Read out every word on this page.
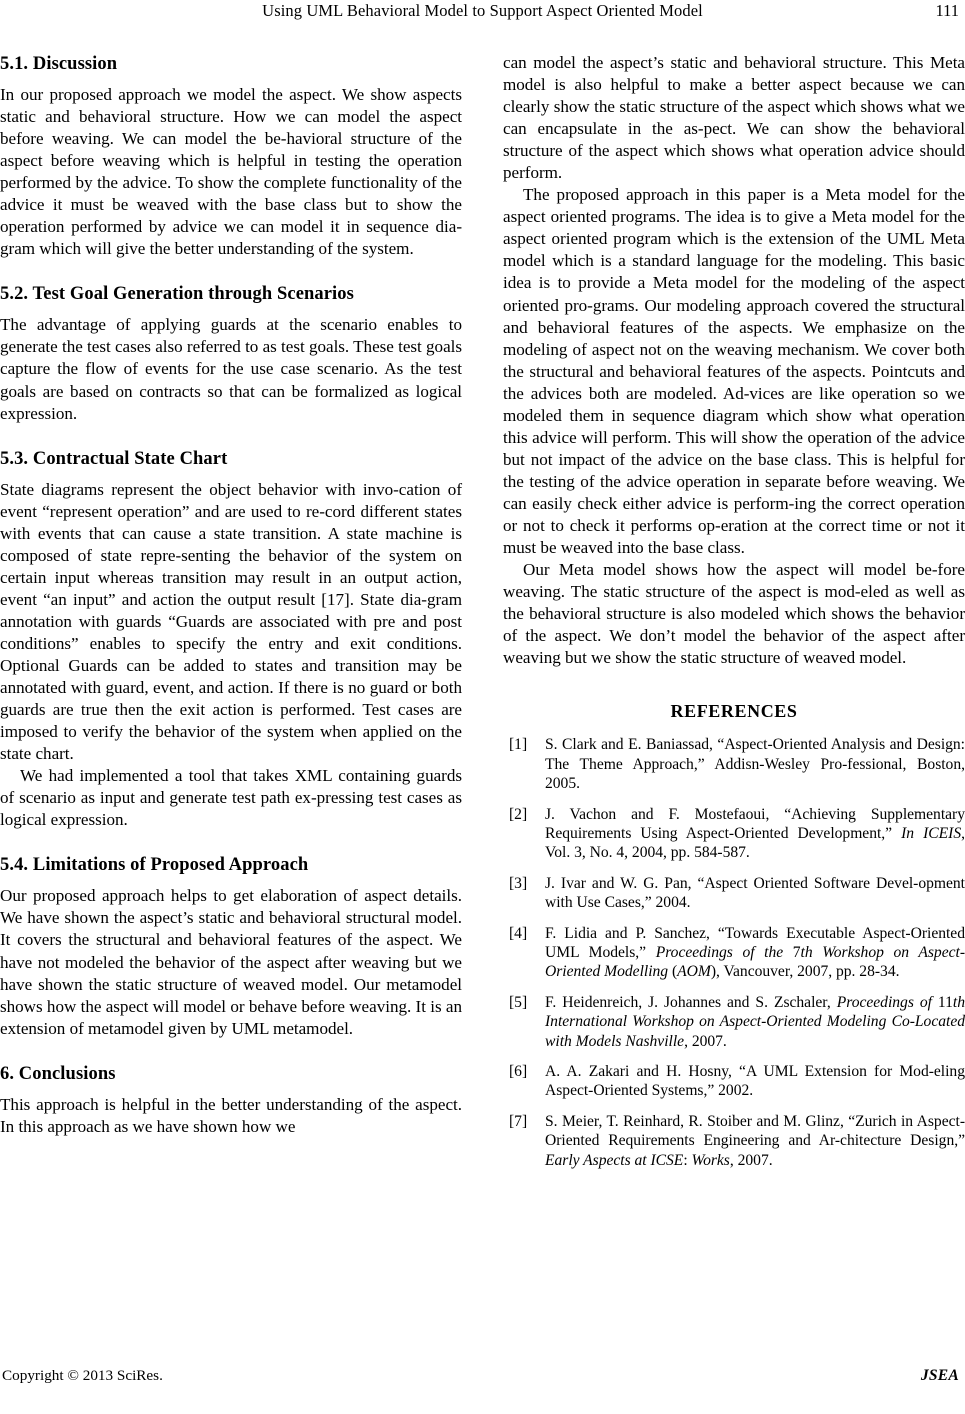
Using UML Behavioral Model to Support Aspect Oriented Model	111
5.1. Discussion

In our proposed approach we model the aspect. We show aspects static and behavioral structure. How we can model the aspect before weaving. We can model the be-havioral structure of the aspect before weaving which is helpful in testing the operation performed by the advice. To show the complete functionality of the advice it must be weaved with the base class but to show the operation performed by advice we can model it in sequence dia-gram which will give the better understanding of the system.

5.2. Test Goal Generation through Scenarios

The advantage of applying guards at the scenario enables to generate the test cases also referred to as test goals. These test goals capture the flow of events for the use case scenario. As the test goals are based on contracts so that can be formalized as logical expression.

5.3. Contractual State Chart

State diagrams represent the object behavior with invo-cation of event “represent operation” and are used to re-cord different states with events that can cause a state transition. A state machine is composed of state repre-senting the behavior of the system on certain input whereas transition may result in an output action, event “an input” and action the output result [17]. State dia-gram annotation with guards “Guards are associated with pre and post conditions” enables to specify the entry and exit conditions. Optional Guards can be added to states and transition may be annotated with guard, event, and action. If there is no guard or both guards are true then the exit action is performed. Test cases are imposed to verify the behavior of the system when applied on the state chart.

We had implemented a tool that takes XML containing guards of scenario as input and generate test path ex-pressing test cases as logical expression.

5.4. Limitations of Proposed Approach

Our proposed approach helps to get elaboration of aspect details. We have shown the aspect’s static and behavioral structural model. It covers the structural and behavioral features of the aspect. We have not modeled the behavior of the aspect after weaving but we have shown the static structure of weaved model. Our metamodel shows how the aspect will model or behave before weaving. It is an extension of metamodel given by UML metamodel.

6. Conclusions

This approach is helpful in the better understanding of the aspect. In this approach as we have shown how we

can model the aspect’s static and behavioral structure. This Meta model is also helpful to make a better aspect because we can clearly show the static structure of the aspect which shows what we can encapsulate in the as-pect. We can show the behavioral structure of the aspect which shows what operation advice should perform.

The proposed approach in this paper is a Meta model for the aspect oriented programs. The idea is to give a Meta model for the aspect oriented program which is the extension of the UML Meta model which is a standard language for the modeling. This basic idea is to provide a Meta model for the modeling of the aspect oriented pro-grams. Our modeling approach covered the structural and behavioral features of the aspects. We emphasize on the modeling of aspect not on the weaving mechanism. We cover both the structural and behavioral features of the aspects. Pointcuts and the advices both are modeled. Ad-vices are like operation so we modeled them in sequence diagram which show what operation this advice will perform. This will show the operation of the advice but not impact of the advice on the base class. This is helpful for the testing of the advice operation in separate before weaving. We can easily check either advice is perform-ing the correct operation or not to check it performs op-eration at the correct time or not it must be weaved into the base class.

Our Meta model shows how the aspect will model be-fore weaving. The static structure of the aspect is mod-eled as well as the behavioral structure is also modeled which shows the behavior of the aspect. We don’t model the behavior of the aspect after weaving but we show the static structure of weaved model.

REFERENCES
[1]	S. Clark and E. Baniassad, “Aspect-Oriented Analysis and Design: The Theme Approach,” Addisn-Wesley Pro-fessional, Boston, 2005.
[2]	J. Vachon and F. Mostefaoui, “Achieving Supplementary Requirements Using Aspect-Oriented Development,” In ICEIS, Vol. 3, No. 4, 2004, pp. 584-587.
[3]	J. Ivar and W. G. Pan, “Aspect Oriented Software Devel-opment with Use Cases,” 2004.
[4]	F. Lidia and P. Sanchez, “Towards Executable Aspect-Oriented UML Models,” Proceedings of the 7th Workshop on Aspect-Oriented Modelling (AOM), Vancouver, 2007, pp. 28-34.
[5]	F. Heidenreich, J. Johannes and S. Zschaler, Proceedings of 11th International Workshop on Aspect-Oriented Modeling Co-Located with Models Nashville, 2007.
[6]	A. A. Zakari and H. Hosny, “A UML Extension for Mod-eling Aspect-Oriented Systems,” 2002.
[7]	S. Meier, T. Reinhard, R. Stoiber and M. Glinz, “Zurich in Aspect-Oriented Requirements Engineering and Ar-chitecture Design,” Early Aspects at ICSE: Works, 2007.
Copyright © 2013 SciRes.	JSEA
